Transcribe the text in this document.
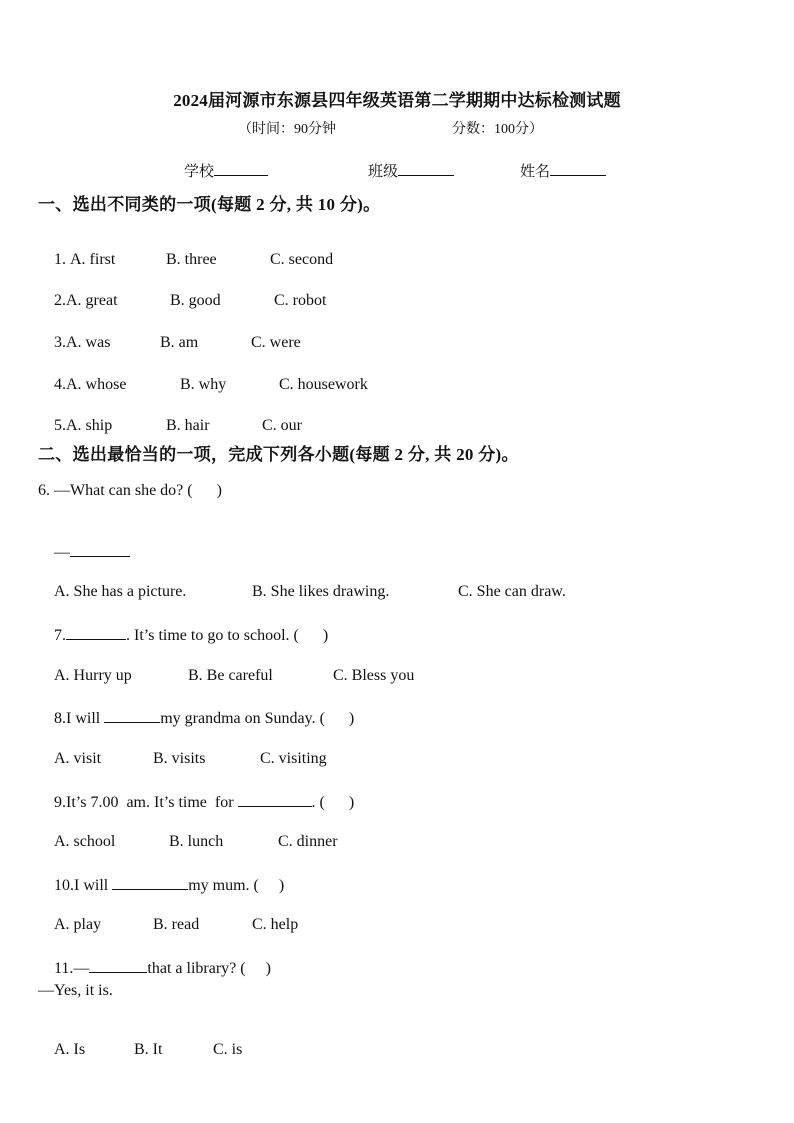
2024届河源市东源县四年级英语第二学期期中达标检测试题
（时间：90分钟	分数：100分）
学校	班级	姓名
一、选出不同类的一项(每题 2 分, 共 10 分)。

1. A. first	B. three	C. second

2.A. great	B. good	C. robot

3.A. was	B. am	C. were

4.A. whose	B. why	C. housework

5.A. ship	B. hair	C. our

二、选出最恰当的一项，完成下列各小题(每题 2 分, 共 20 分)。
6. —What can she do? (      )

—

A. She has a picture.	B. She likes drawing.	C. She can draw.

7.	. It’s time to go to school. (      )

A. Hurry up	B. Be careful	C. Bless you

8.I will	my grandma on Sunday. (      )

A. visit	B. visits	C. visiting

9.It’s 7.00  am. It’s time  for	. (      )

A. school	B. lunch	C. dinner

10.I will	my mum. (     )

A. play	B. read	C. help

11.—	that a library? (     )

—Yes, it is.

A. Is	B. It	C. is
